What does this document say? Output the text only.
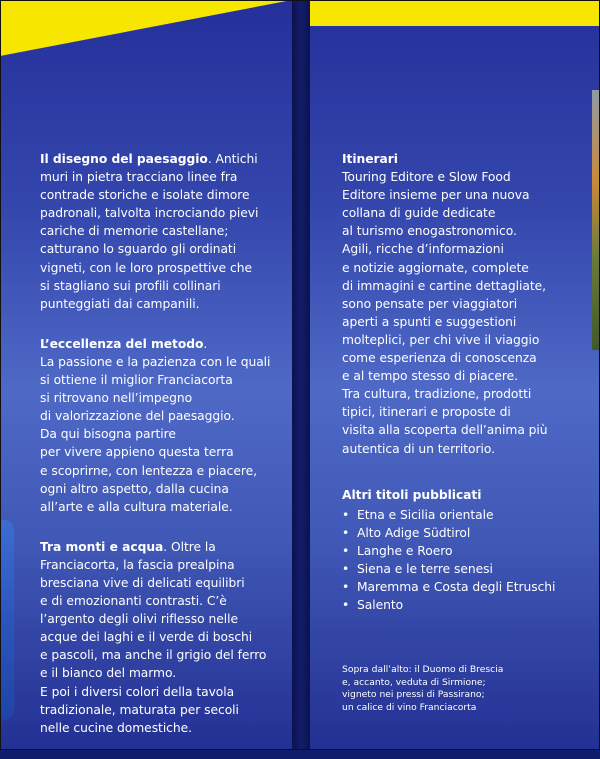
Il disegno del paesaggio. Antichi
muri in pietra tracciano linee fra
contrade storiche e isolate dimore
padronali, talvolta incrociando pievi
cariche di memorie castellane;
catturano lo sguardo gli ordinati
vigneti, con le loro prospettive che
si stagliano sui profili collinari
punteggiati dai campanili.
L’eccellenza del metodo.
La passione e la pazienza con le quali
si ottiene il miglior Franciacorta
si ritrovano nell’impegno
di valorizzazione del paesaggio.
Da qui bisogna partire
per vivere appieno questa terra
e scoprirne, con lentezza e piacere,
ogni altro aspetto, dalla cucina
all’arte e alla cultura materiale.
Tra monti e acqua. Oltre la
Franciacorta, la fascia prealpina
bresciana vive di delicati equilibri
e di emozionanti contrasti. C’è
l’argento degli olivi riflesso nelle
acque dei laghi e il verde di boschi
e pascoli, ma anche il grigio del ferro
e il bianco del marmo.
E poi i diversi colori della tavola
tradizionale, maturata per secoli
nelle cucine domestiche.
Itinerari
Touring Editore e Slow Food
Editore insieme per una nuova
collana di guide dedicate
al turismo enogastronomico.
Agili, ricche d’informazioni
e notizie aggiornate, complete
di immagini e cartine dettagliate,
sono pensate per viaggiatori
aperti a spunti e suggestioni
molteplici, per chi vive il viaggio
come esperienza di conoscenza
e al tempo stesso di piacere.
Tra cultura, tradizione, prodotti
tipici, itinerari e proposte di
visita alla scoperta dell’anima più
autentica di un territorio.
Altri titoli pubblicati
• Etna e Sicilia orientale
• Alto Adige Südtirol
• Langhe e Roero
• Siena e le terre senesi
• Maremma e Costa degli Etruschi
• Salento
Sopra dall’alto: il Duomo di Brescia
e, accanto, veduta di Sirmione;
vigneto nei pressi di Passirano;
un calice di vino Franciacorta
